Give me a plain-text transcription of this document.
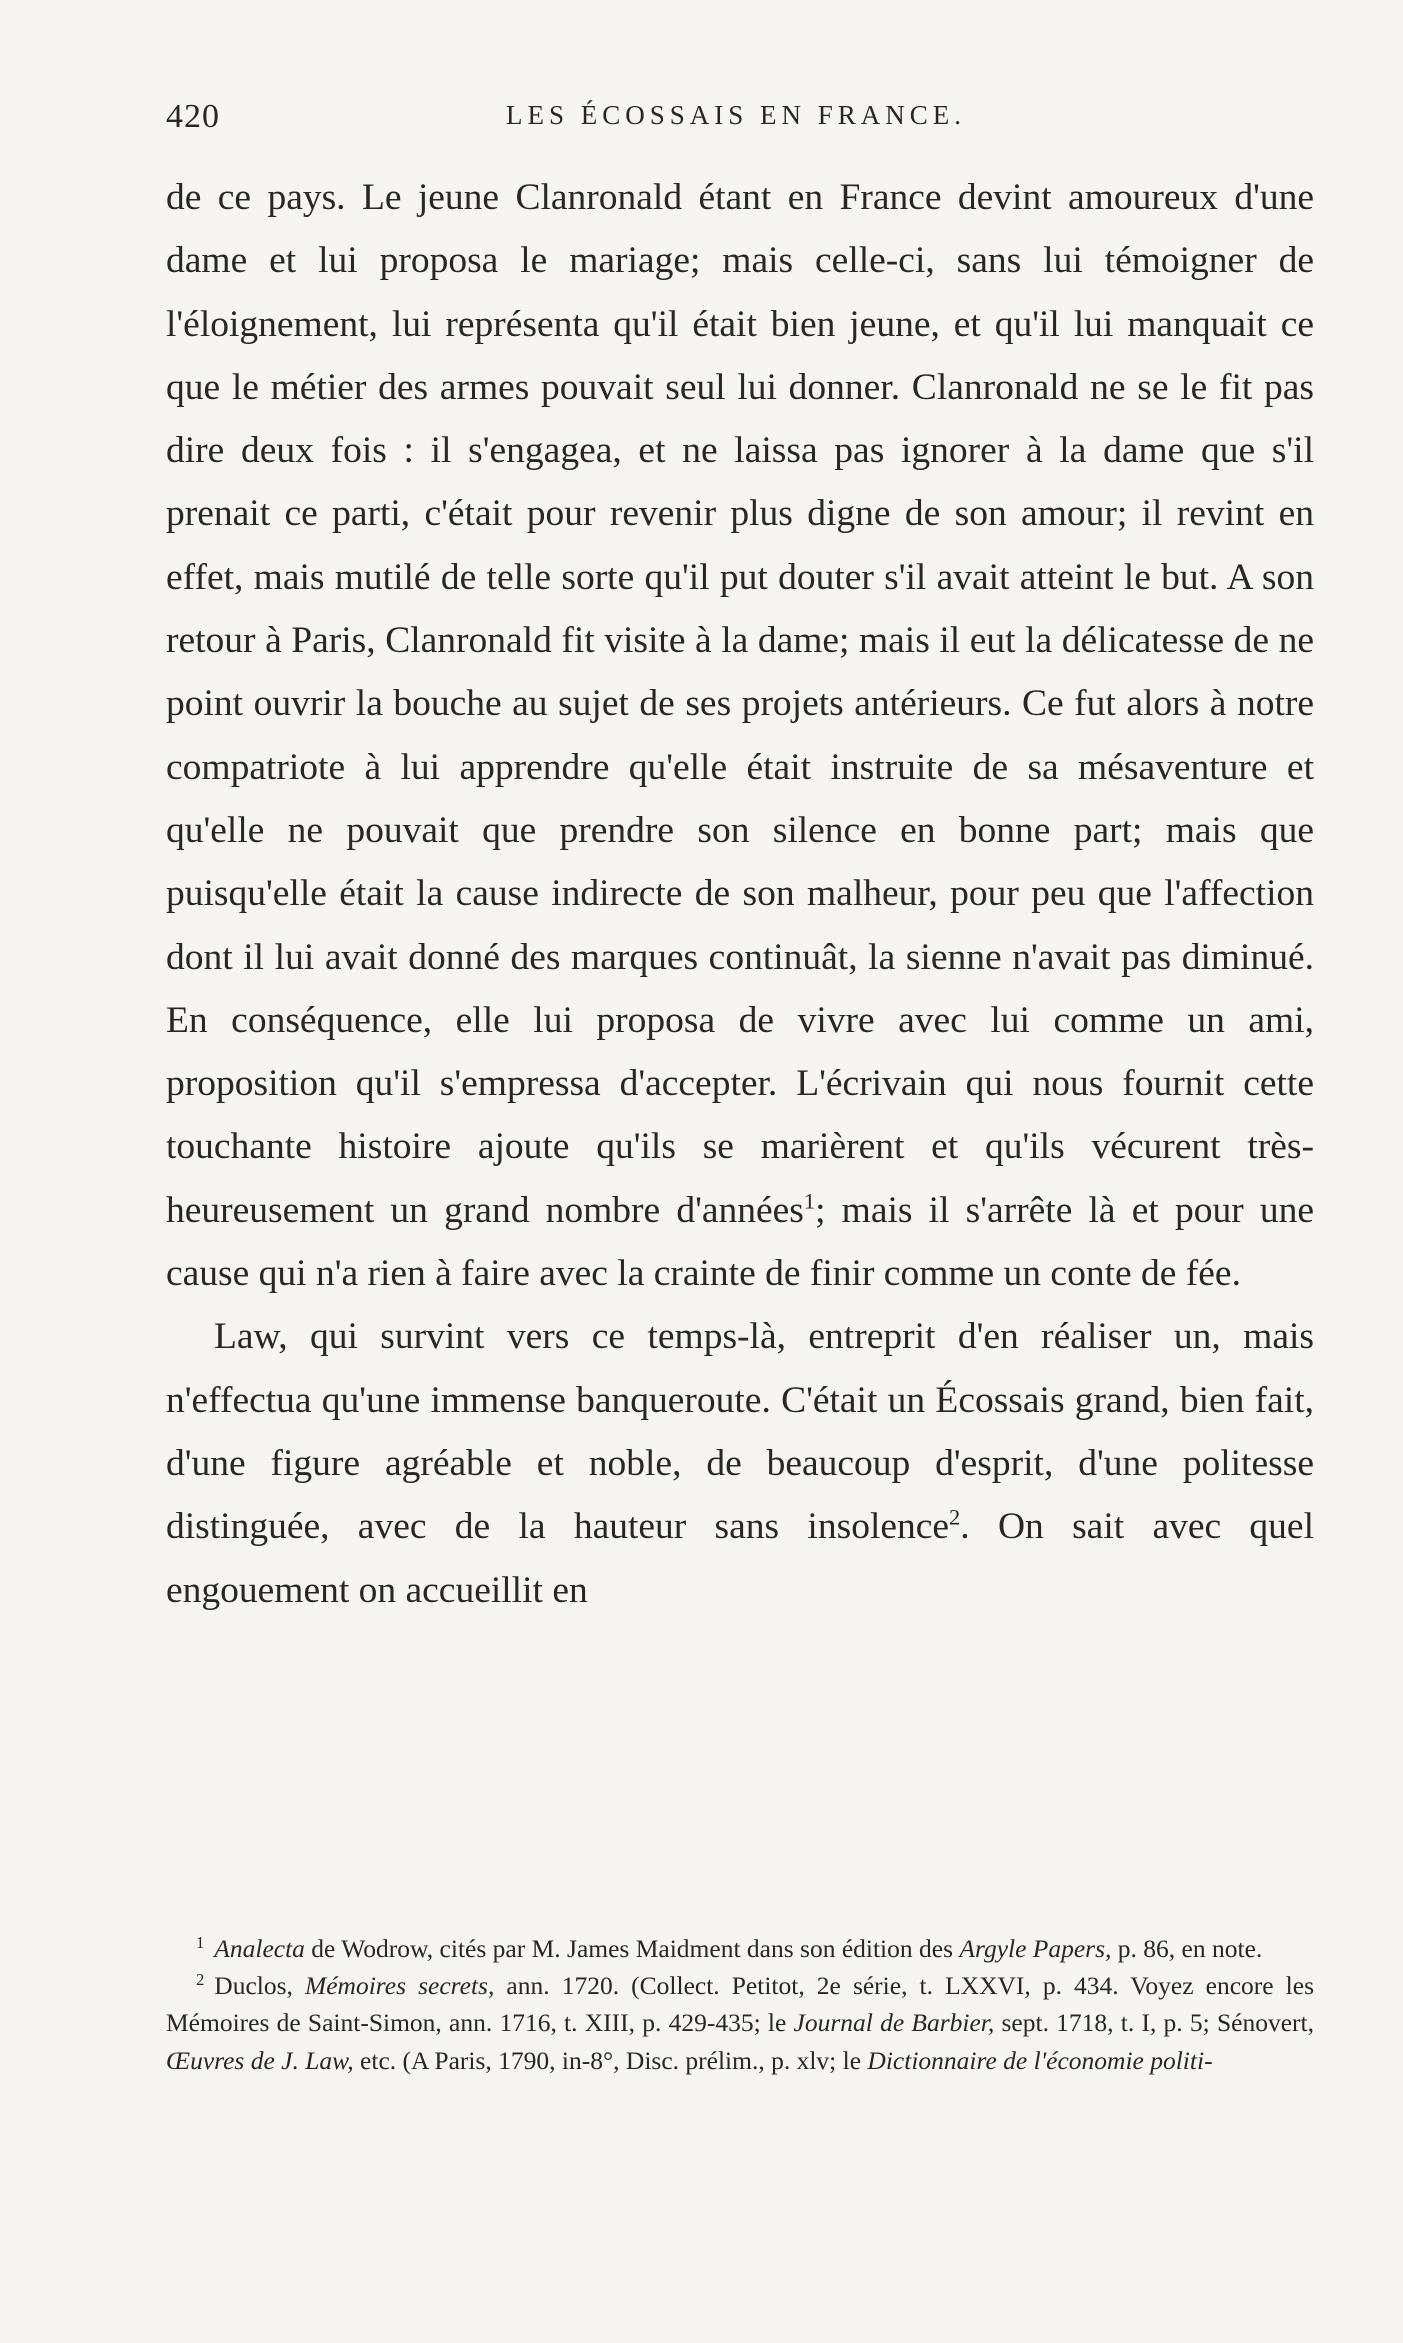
420	LES ÉCOSSAIS EN FRANCE.

de ce pays. Le jeune Clanronald étant en France devint amoureux d'une dame et lui proposa le mariage; mais celle-ci, sans lui témoigner de l'éloignement, lui représenta qu'il était bien jeune, et qu'il lui manquait ce que le métier des armes pouvait seul lui donner. Clanronald ne se le fit pas dire deux fois : il s'engagea, et ne laissa pas ignorer à la dame que s'il prenait ce parti, c'était pour revenir plus digne de son amour; il revint en effet, mais mutilé de telle sorte qu'il put douter s'il avait atteint le but. A son retour à Paris, Clanronald fit visite à la dame; mais il eut la délicatesse de ne point ouvrir la bouche au sujet de ses projets antérieurs. Ce fut alors à notre compatriote à lui apprendre qu'elle était instruite de sa mésaventure et qu'elle ne pouvait que prendre son silence en bonne part; mais que puisqu'elle était la cause indirecte de son malheur, pour peu que l'affection dont il lui avait donné des marques continuât, la sienne n'avait pas diminué. En conséquence, elle lui proposa de vivre avec lui comme un ami, proposition qu'il s'empressa d'accepter. L'écrivain qui nous fournit cette touchante histoire ajoute qu'ils se marièrent et qu'ils vécurent très-heureusement un grand nombre d'années$^1$; mais il s'arrête là et pour une cause qui n'a rien à faire avec la crainte de finir comme un conte de fée.

Law, qui survint vers ce temps-là, entreprit d'en réaliser un, mais n'effectua qu'une immense banqueroute. C'était un Écossais grand, bien fait, d'une figure agréable et noble, de beaucoup d'esprit, d'une politesse distinguée, avec de la hauteur sans insolence$^2$. On sait avec quel engouement on accueillit en

$^1$ Analecta de Wodrow, cités par M. James Maidment dans son édition des Argyle Papers, p. 86, en note.

$^2$ Duclos, Mémoires secrets, ann. 1720. (Collect. Petitot, 2e série, t. LXXVI, p. 434. Voyez encore les Mémoires de Saint-Simon, ann. 1716, t. XIII, p. 429-435; le Journal de Barbier, sept. 1718, t. I, p. 5; Sénovert, Œuvres de J. Law, etc. (A Paris, 1790, in-8°, Disc. prélim., p. xlv; le Dictionnaire de l'économie politi-
